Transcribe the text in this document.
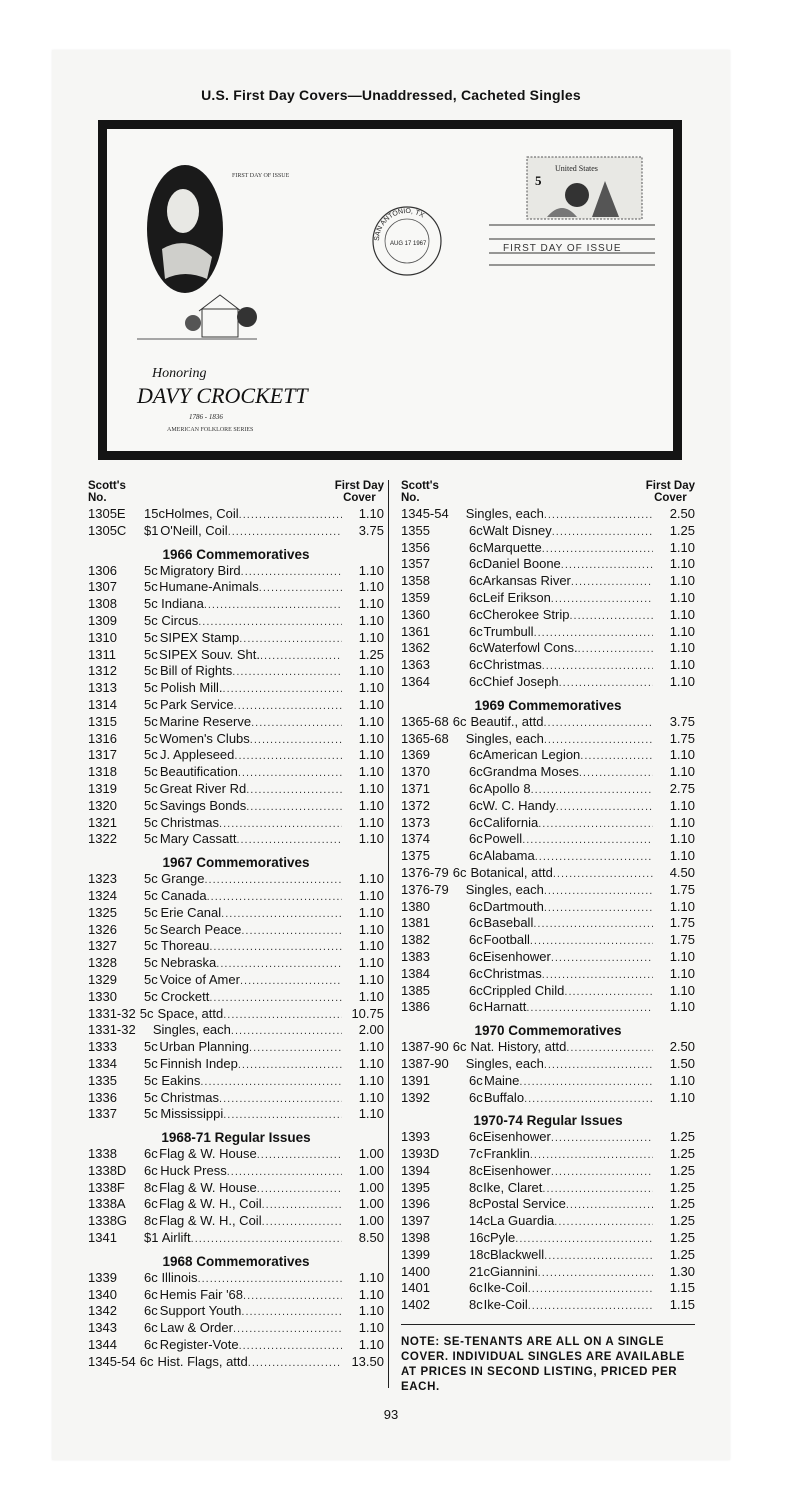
U.S. First Day Covers—Unaddressed, Cacheted Singles
FIRST DAY OF ISSUE
Honoring
DAVY CROCKETT
1786 - 1836
AMERICAN FOLKLORE SERIES
SAN ANTONIO, TX
AUG 17 1967
United States
5
FIRST DAY OF ISSUE
Scott's
No.
First Day
Cover
1305E	15c Holmes, Coil .....	1.10
1305C	$1 O'Neill, Coil .....	3.75
1966 Commemoratives
1306	5c Migratory Bird .....	1.10
1307	5c Humane-Animals .....	1.10
1308	5c Indiana .....	1.10
1309	5c Circus .....	1.10
1310	5c SIPEX Stamp .....	1.10
1311	5c SIPEX Souv. Sht. .....	1.25
1312	5c Bill of Rights .....	1.10
1313	5c Polish Mill. .....	1.10
1314	5c Park Service .....	1.10
1315	5c Marine Reserve .....	1.10
1316	5c Women's Clubs .....	1.10
1317	5c J. Appleseed .....	1.10
1318	5c Beautification .....	1.10
1319	5c Great River Rd .....	1.10
1320	5c Savings Bonds .....	1.10
1321	5c Christmas .....	1.10
1322	5c Mary Cassatt .....	1.10
1967 Commemoratives
1323	5c Grange .....	1.10
1324	5c Canada .....	1.10
1325	5c Erie Canal .....	1.10
1326	5c Search Peace .....	1.10
1327	5c Thoreau .....	1.10
1328	5c Nebraska .....	1.10
1329	5c Voice of Amer .....	1.10
1330	5c Crockett .....	1.10
1331-32 5c Space, attd .....	10.75
1331-32	Singles, each .....	2.00
1333	5c Urban Planning .....	1.10
1334	5c Finnish Indep .....	1.10
1335	5c Eakins .....	1.10
1336	5c Christmas .....	1.10
1337	5c Mississippi .....	1.10
1968-71 Regular Issues
1338	6c Flag & W. House .....	1.00
1338D	6c Huck Press .....	1.00
1338F	8c Flag & W. House .....	1.00
1338A	6c Flag & W. H., Coil .....	1.00
1338G	8c Flag & W. H., Coil .....	1.00
1341	$1 Airlift .....	8.50
1968 Commemoratives
1339	6c Illinois .....	1.10
1340	6c Hemis Fair '68 .....	1.10
1342	6c Support Youth .....	1.10
1343	6c Law & Order .....	1.10
1344	6c Register-Vote .....	1.10
1345-54 6c Hist. Flags, attd .....	13.50
Scott's
No.
First Day
Cover
1345-54	Singles, each .....	2.50
1355	6c Walt Disney .....	1.25
1356	6c Marquette .....	1.10
1357	6c Daniel Boone .....	1.10
1358	6c Arkansas River .....	1.10
1359	6c Leif Erikson .....	1.10
1360	6c Cherokee Strip .....	1.10
1361	6c Trumbull .....	1.10
1362	6c Waterfowl Cons. .....	1.10
1363	6c Christmas .....	1.10
1364	6c Chief Joseph .....	1.10
1969 Commemoratives
1365-68 6c Beautif., attd .....	3.75
1365-68	Singles, each .....	1.75
1369	6c American Legion .....	1.10
1370	6c Grandma Moses .....	1.10
1371	6c Apollo 8 .....	2.75
1372	6c W. C. Handy .....	1.10
1373	6c California .....	1.10
1374	6c Powell .....	1.10
1375	6c Alabama .....	1.10
1376-79 6c Botanical, attd .....	4.50
1376-79	Singles, each .....	1.75
1380	6c Dartmouth .....	1.10
1381	6c Baseball .....	1.75
1382	6c Football .....	1.75
1383	6c Eisenhower .....	1.10
1384	6c Christmas .....	1.10
1385	6c Crippled Child .....	1.10
1386	6c Harnatt .....	1.10
1970 Commemoratives
1387-90 6c Nat. History, attd .....	2.50
1387-90	Singles, each .....	1.50
1391	6c Maine .....	1.10
1392	6c Buffalo .....	1.10
1970-74 Regular Issues
1393	6c Eisenhower .....	1.25
1393D	7c Franklin .....	1.25
1394	8c Eisenhower .....	1.25
1395	8c Ike, Claret .....	1.25
1396	8c Postal Service .....	1.25
1397	14c La Guardia .....	1.25
1398	16c Pyle .....	1.25
1399	18c Blackwell .....	1.25
1400	21c Giannini .....	1.30
1401	6c Ike-Coil .....	1.15
1402	8c Ike-Coil .....	1.15
NOTE: SE-TENANTS ARE ALL ON A SINGLE COVER. INDIVIDUAL SINGLES ARE AVAILABLE AT PRICES IN SECOND LISTING, PRICED PER EACH.
93
